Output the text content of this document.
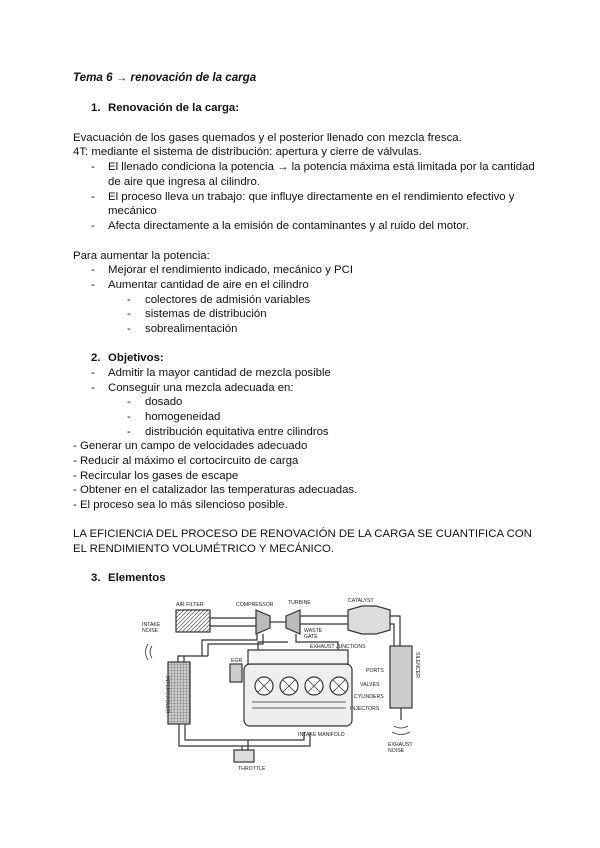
Tema 6 → renovación de la carga
1. Renovación de la carga:
Evacuación de los gases quemados y el posterior llenado con mezcla fresca.
4T: mediante el sistema de distribución: apertura y cierre de válvulas.
- El llenado condiciona la potencia → la potencia máxima está limitada por la cantidad
de aire que ingresa al cilindro.
- El proceso lleva un trabajo: que influye directamente en el rendimiento efectivo y
mecánico
- Afecta directamente a la emisión de contaminantes y al ruido del motor.
Para aumentar la potencia:
- Mejorar el rendimiento indicado, mecánico y PCI
- Aumentar cantidad de aire en el cilindro
- colectores de admisión variables
- sistemas de distribución
- sobrealimentación
2. Objetivos:
- Admitir la mayor cantidad de mezcla posible
- Conseguir una mezcla adecuada en:
- dosado
- homogeneidad
- distribución equitativa entre cilindros
- Generar un campo de velocidades adecuado
- Reducir al máximo el cortocircuito de carga
- Recircular los gases de escape
- Obtener en el catalizador las temperaturas adecuadas.
- El proceso sea lo más silencioso posible.
LA EFICIENCIA DEL PROCESO DE RENOVACIÓN DE LA CARGA SE CUANTIFICA CON
EL RENDIMIENTO VOLUMÉTRICO Y MECÁNICO.
3. Elementos
AIR FILTER	COMPRESSOR	TURBINE	CATALYST
INTAKE
NOISE	WASTE
GATE
EXHAUST JUNCTIONS
EGR
PORTS
VALVES
CYLINDERS
INJECTORS
INTAKE MANIFOLD
THROTTLE
EXHAUST
NOISE
INTERCOOLER
SILENCER
